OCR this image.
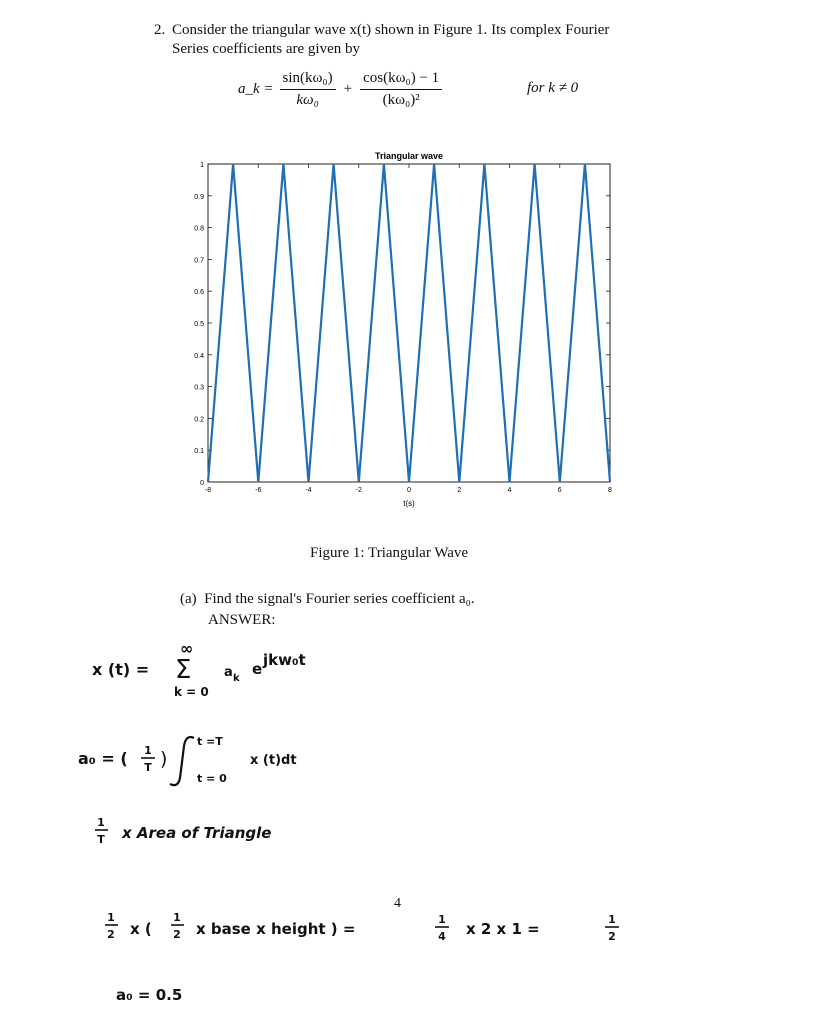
2. Consider the triangular wave x(t) shown in Figure 1. Its complex Fourier
Series coefficients are given by
a_k = $\frac{\text{sin(kω₀)}}{\text{kω₀}} + \frac{\text{cos(kω₀) − 1}}{\text{(kω₀)²}}$	for k ≠ 0
0
0.1
0.2
0.3
0.4
0.5
0.6
0.7
0.8
0.9
1
-8	-6	-4	-2	0	2	4	6	8
Triangular wave
t(s)
Figure 1: Triangular Wave
(a) Find the signal's Fourier series coefficient a₀.
ANSWER:
x (t) = Σ
∞
k = 0
a k
e jkw₀t
a₀ = ( 1
T )
t =T
t = 0
x (t)dt
1
T x Area of Triangle
1
2 x (
1
2 x base x height ) =
1
4 x 2 x 1 =
1
2
a₀ = 0.5
4
